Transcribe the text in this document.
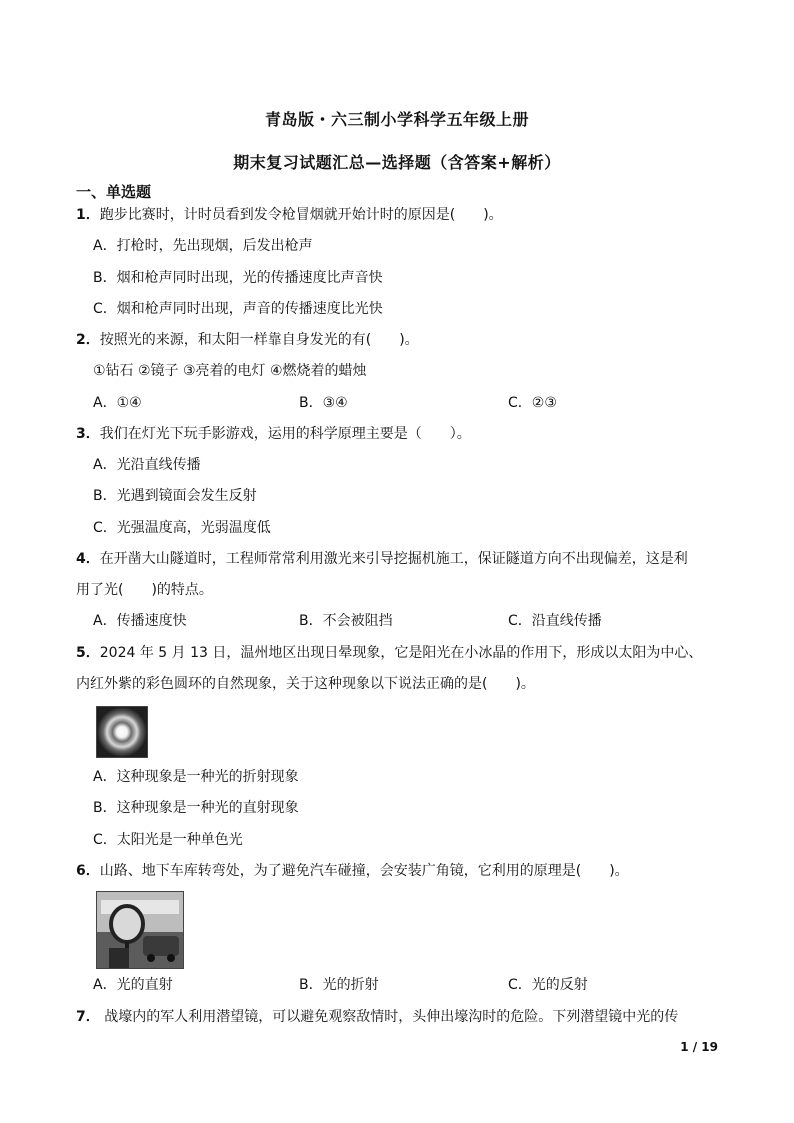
青岛版・六三制小学科学五年级上册
期末复习试题汇总—选择题（含答案+解析）
一、单选题
1．跑步比赛时，计时员看到发令枪冒烟就开始计时的原因是(　　)。
A．打枪时，先出现烟，后发出枪声
B．烟和枪声同时出现，光的传播速度比声音快
C．烟和枪声同时出现，声音的传播速度比光快
2．按照光的来源，和太阳一样靠自身发光的有(　　)。
①钻石 ②镜子 ③亮着的电灯 ④燃烧着的蜡烛
A．①④	B．③④	C．②③
3．我们在灯光下玩手影游戏，运用的科学原理主要是（　　）。
A．光沿直线传播
B．光遇到镜面会发生反射
C．光强温度高，光弱温度低
4．在开凿大山隧道时，工程师常常利用激光来引导挖掘机施工，保证隧道方向不出现偏差，这是利
用了光(　　)的特点。
A．传播速度快	B．不会被阻挡	C．沿直线传播
5．2024 年 5 月 13 日，温州地区出现日晕现象，它是阳光在小冰晶的作用下，形成以太阳为中心、
内红外紫的彩色圆环的自然现象，关于这种现象以下说法正确的是(　　)。
A．这种现象是一种光的折射现象
B．这种现象是一种光的直射现象
C．太阳光是一种单色光
6．山路、地下车库转弯处，为了避免汽车碰撞，会安装广角镜，它利用的原理是(　　)。
A．光的直射	B．光的折射	C．光的反射
7． 战壕内的军人利用潜望镜，可以避免观察敌情时，头伸出壕沟时的危险。下列潜望镜中光的传
1 / 19
